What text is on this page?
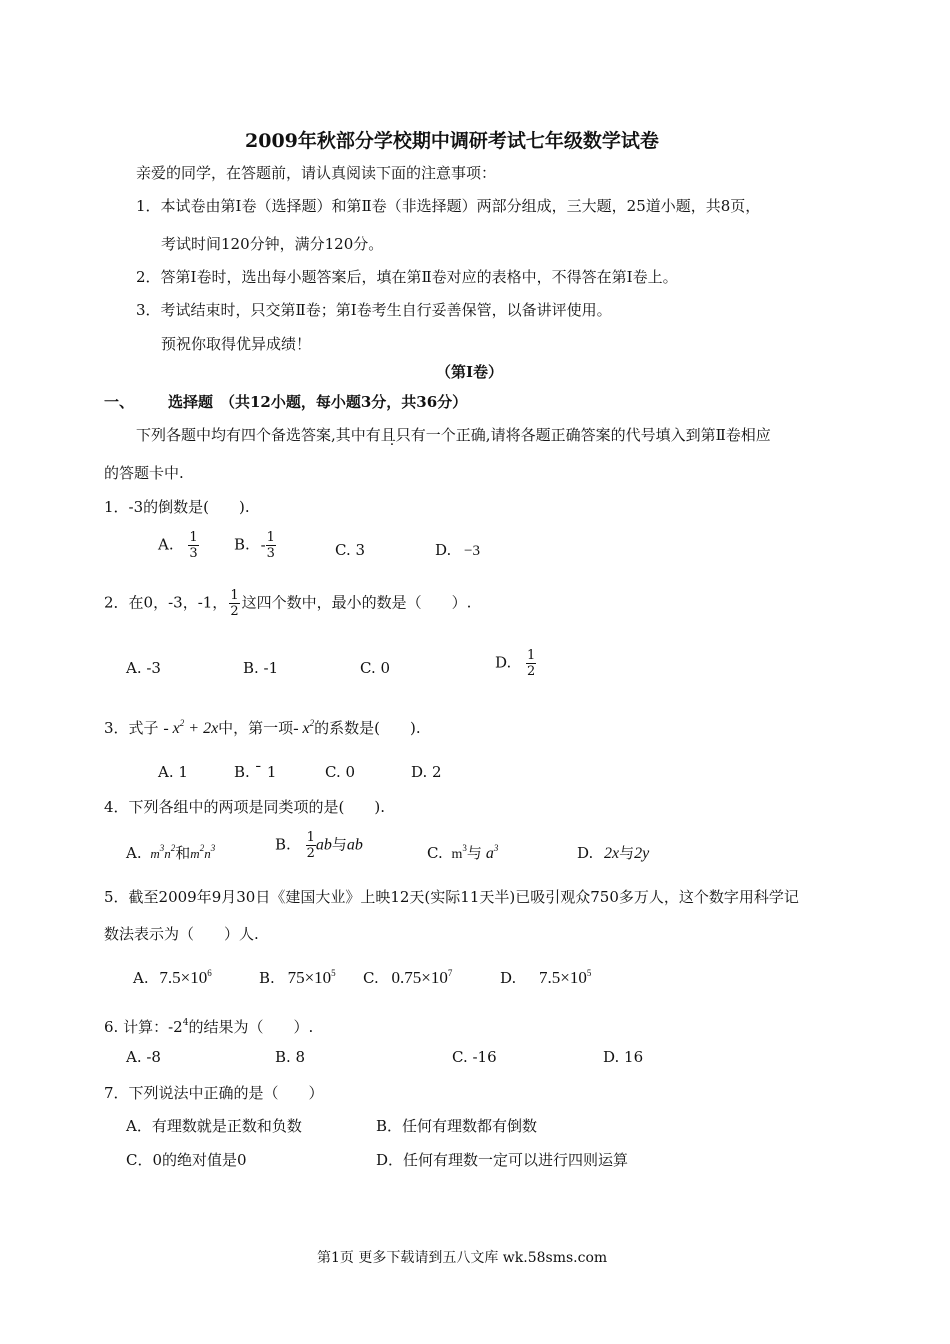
2009年秋部分学校期中调研考试七年级数学试卷
亲爱的同学，在答题前，请认真阅读下面的注意事项：
1．本试卷由第Ⅰ卷（选择题）和第Ⅱ卷（非选择题）两部分组成，三大题，25道小题，共8页，
考试时间120分钟，满分120分。
2．答第Ⅰ卷时，选出每小题答案后，填在第Ⅱ卷对应的表格中，不得答在第Ⅰ卷上。
3．考试结束时，只交第Ⅱ卷；第Ⅰ卷考生自行妥善保管，以备讲评使用。
预祝你取得优异成绩！
（第Ⅰ卷）
一、 选择题 （共12小题，每小题3分，共36分）
下列各题中均有四个备选答案,其中有且只有一个正确,请将各题正确答案的代号填入到第Ⅱ卷相应
的答题卡中.
1．-3的倒数是(　　).
A. $\frac{1}{3} B$. - $\frac{1}{3}$	C. 3	D. −3
2．在0，-3，-1， $\frac{1}{2}$ 这四个数中，最小的数是（　　）.
A. -3	B. -1	C. 0	D. $\frac{1}{2}$
3．式子 - $x^2 + 2x$中，第一项- $x^2$的系数是(　　).
A. 1	B. ˉ 1	C. 0	D. 2
4．下列各组中的两项是同类项的是(　　).
A. $m^3n^2$和$m^2n^3$	B. $\frac{1}{2}$ ab与ab	C. $m^3$与 $a^3$	D. 2x与2y
5．截至2009年9月30日《建国大业》上映12天(实际11天半)已吸引观众750多万人，这个数字用科学记
数法表示为（　　）人.
A. $7.5\times 10^6$	B. $75\times 10^5$ C. $0.75\times 10^7$	D. $7.5\times 10^5$
6. 计算：$-2^4$的结果为（　　）.
A. -8	B. 8	C. -16	D. 16
7．下列说法中正确的是（　　）
A．有理数就是正数和负数	B．任何有理数都有倒数
C．0的绝对值是0	D．任何有理数一定可以进行四则运算
第1页 更多下载请到五八文库 wk.58sms.com
